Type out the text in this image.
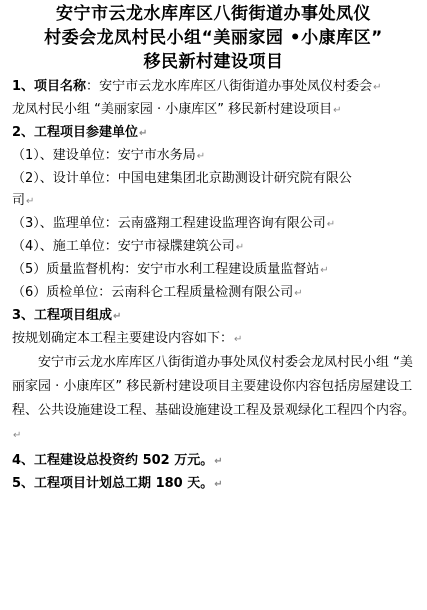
安宁市云龙水库库区八街街道办事处凤仪
村委会龙凤村民小组“美丽家园 •小康库区”
移民新村建设项目
1、项目名称：安宁市云龙水库库区八街街道办事处凤仪村委会↵
龙凤村民小组 “美丽家园 · 小康库区” 移民新村建设项目↵
2、工程项目参建单位↵
（1）、建设单位：安宁市水务局↵
（2）、设计单位：中国电建集团北京勘测设计研究院有限公
司↵
（3）、监理单位：云南盛翔工程建设监理咨询有限公司↵
（4）、施工单位：安宁市禄牒建筑公司↵
（5）质量监督机构：安宁市水利工程建设质量监督站↵
（6）质检单位：云南科仑工程质量检测有限公司↵
3、工程项目组成↵
按规划确定本工程主要建设内容如下：↵
安宁市云龙水库库区八街街道办事处凤仪村委会龙凤村民小组 “美丽家园 · 小康库区” 移民新村建设项目主要建设你内容包括房屋建设工程、公共设施建设工程、基础设施建设工程及景观绿化工程四个内容。↵
4、工程建设总投资约 502 万元。↵
5、工程项目计划总工期 180 天。↵
